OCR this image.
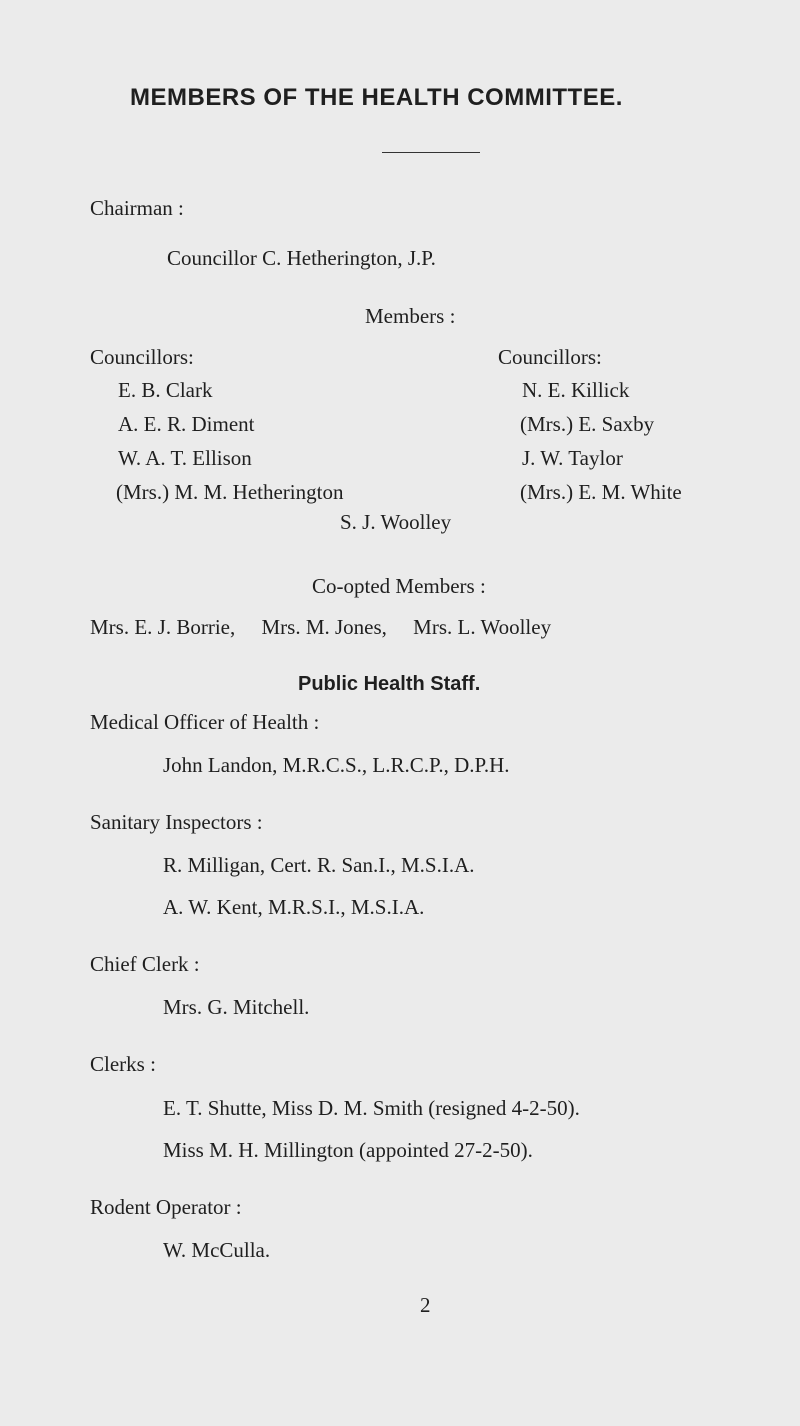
MEMBERS OF THE HEALTH COMMITTEE.
Chairman :
Councillor C. Hetherington, J.P.
Members :
Councillors:
E. B. Clark
A. E. R. Diment
W. A. T. Ellison
(Mrs.) M. M. Hetherington
Councillors:
N. E. Killick
(Mrs.) E. Saxby
J. W. Taylor
(Mrs.) E. M. White
S. J. Woolley
Co-opted Members :
Mrs. E. J. Borrie,     Mrs. M. Jones,     Mrs. L. Woolley
Public Health Staff.
Medical Officer of Health :
John Landon, M.R.C.S., L.R.C.P., D.P.H.
Sanitary Inspectors :
R. Milligan, Cert. R. San.I., M.S.I.A.
A. W. Kent, M.R.S.I., M.S.I.A.
Chief Clerk :
Mrs. G. Mitchell.
Clerks :
E. T. Shutte, Miss D. M. Smith (resigned 4-2-50).
Miss M. H. Millington (appointed 27-2-50).
Rodent Operator :
W. McCulla.
2
